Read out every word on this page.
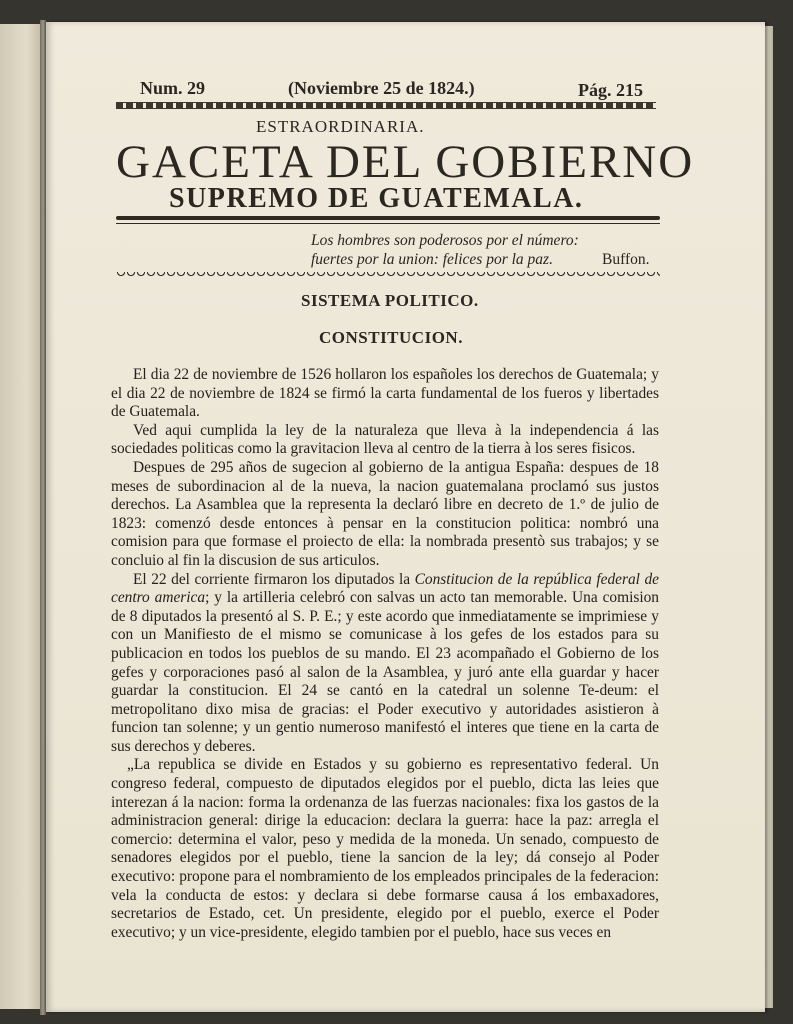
Num. 29	(Noviembre 25 de 1824.)	Pág. 215
ESTRAORDINARIA.
GACETA DEL GOBIERNO
SUPREMO DE GUATEMALA.
Los hombres son poderosos por el número:
fuertes por la union: felices por la paz.	Buffon.
SISTEMA POLITICO.
CONSTITUCION.

El dia 22 de noviembre de 1526 hollaron los españoles los derechos de Guatemala; y el dia 22 de noviembre de 1824 se firmó la carta fundamental de los fueros y libertades de Guatemala.

Ved aqui cumplida la ley de la naturaleza que lleva à la independencia á las sociedades politicas como la gravitacion lleva al centro de la tierra à los seres fisicos.

Despues de 295 años de sugecion al gobierno de la antigua España: despues de 18 meses de subordinacion al de la nueva, la nacion guatemalana proclamó sus justos derechos. La Asamblea que la representa la declaró libre en decreto de 1.º de julio de 1823: comenzó desde entonces à pensar en la constitucion politica: nombró una comision para que formase el proiecto de ella: la nombrada presentò sus trabajos; y se concluio al fin la discusion de sus articulos.

El 22 del corriente firmaron los diputados la Constitucion de la república federal de centro america; y la artilleria celebró con salvas un acto tan memorable. Una comision de 8 diputados la presentó al S. P. E.; y este acordo que inmediatamente se imprimiese y con un Manifiesto de el mismo se comunicase à los gefes de los estados para su publicacion en todos los pueblos de su mando. El 23 acompañado el Gobierno de los gefes y corporaciones pasó al salon de la Asamblea, y juró ante ella guardar y hacer guardar la constitucion. El 24 se cantó en la catedral un solenne Te-deum: el metropolitano dixo misa de gracias: el Poder executivo y autoridades asistieron à funcion tan solenne; y un gentio numeroso manifestó el interes que tiene en la carta de sus derechos y deberes.

„La republica se divide en Estados y su gobierno es representativo federal. Un congreso federal, compuesto de diputados elegidos por el pueblo, dicta las leies que interezan á la nacion: forma la ordenanza de las fuerzas nacionales: fixa los gastos de la administracion general: dirige la educacion: declara la guerra: hace la paz: arregla el comercio: determina el valor, peso y medida de la moneda. Un senado, compuesto de senadores elegidos por el pueblo, tiene la sancion de la ley; dá consejo al Poder executivo: propone para el nombramiento de los empleados principales de la federacion: vela la conducta de estos: y declara si debe formarse causa á los embaxadores, secretarios de Estado, cet. Un presidente, elegido por el pueblo, exerce el Poder executivo; y un vice-presidente, elegido tambien por el pueblo, hace sus veces en
